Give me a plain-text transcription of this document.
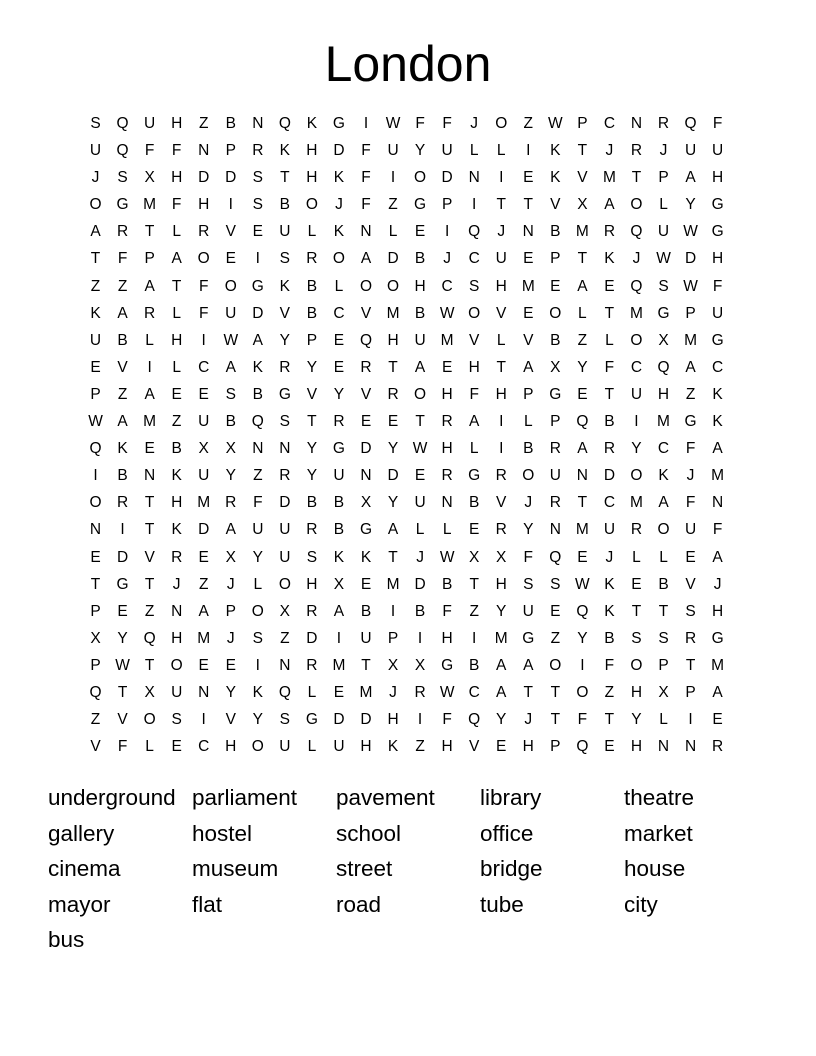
London
S	Q U	H	Z	B	N Q	K	G	I	W F	F	J	O	Z W P	C	N	R Q	F
U Q	F	F	N	P	R	K	H	D	F	U	Y	U	L	L	I	K	T	J	R	J	U	U
J	S	X	H	D	D	S	T	H	K	F	I	O D	N	I	E	K	V M	T	P	A	H
O G M	F	H	I	S	B	O	J	F	Z	G	P	I	T	T	V	X	A	O	L	Y	G
A	R	T	L	R	V	E	U	L	K	N	L	E	I	Q	J	N	B M R Q U W G
T	F	P	A	O	E	I	S	R O	A	D	B	J	C	U	E	P	T	K	J	W D	H
Z	Z	A	T	F	O G	K	B	L	O O H	C	S	H M E	A	E	Q	S W F
K	A	R	L	F	U	D	V	B	C	V M B W O	V	E	O	L	T	M G	P	U
U	B	L	H	I	W A	Y	P	E	Q H	U M V	L	V	B	Z	L	O	X M G
E	V	I	L	C	A	K	R	Y	E	R	T	A	E	H	T	A	X	Y	F	C Q	A	C
P	Z	A	E	E	S	B	G	V	Y	V	R O H	F	H	P	G	E	T	U	H	Z	K
W A M	Z	U	B	Q	S	T	R	E	E	T	R	A	I	L	P	Q	B	I	M G	K
Q	K	E	B	X	X	N	N	Y	G D	Y W H	L	I	B	R	A	R	Y	C	F	A
I	B	N	K	U	Y	Z	R	Y	U	N	D	E	R G R O U	N	D O	K	J	M
O R	T	H M R	F	D	B	B	X	Y	U	N	B	V	J	R	T	C M A	F	N
N	I	T	K	D	A	U	U	R	B	G	A	L	L	E	R	Y	N M U	R O U	F
E	D	V	R	E	X	Y	U	S	K	K	T	J	W X	X	F	Q	E	J	L	L	E	A
T	G	T	J	Z	J	L	O H	X	E M D	B	T	H	S	S W K	E	B	V	J
P	E	Z	N	A	P	O	X	R	A	B	I	B	F	Z	Y	U	E	Q	K	T	T	S	H
X	Y	Q H M	J	S	Z	D	I	U	P	I	H	I	M G	Z	Y	B	S	S	R G
P W T	O	E	E	I	N	R M	T	X	X	G	B	A	A	O	I	F	O	P	T	M
Q	T	X	U	N	Y	K	Q	L	E M	J	R W C	A	T	T	O	Z	H	X	P	A
Z	V	O	S	I	V	Y	S	G D	D	H	I	F	Q	Y	J	T	F	T	Y	L	I	E
V	F	L	E	C	H O U	L	U	H	K	Z	H	V	E	H	P	Q	E	H	N	N	R
underground parliament	pavement	library	theatre
gallery	hostel	school	office	market
cinema	museum	street	bridge	house
mayor	flat	road	tube	city
bus
